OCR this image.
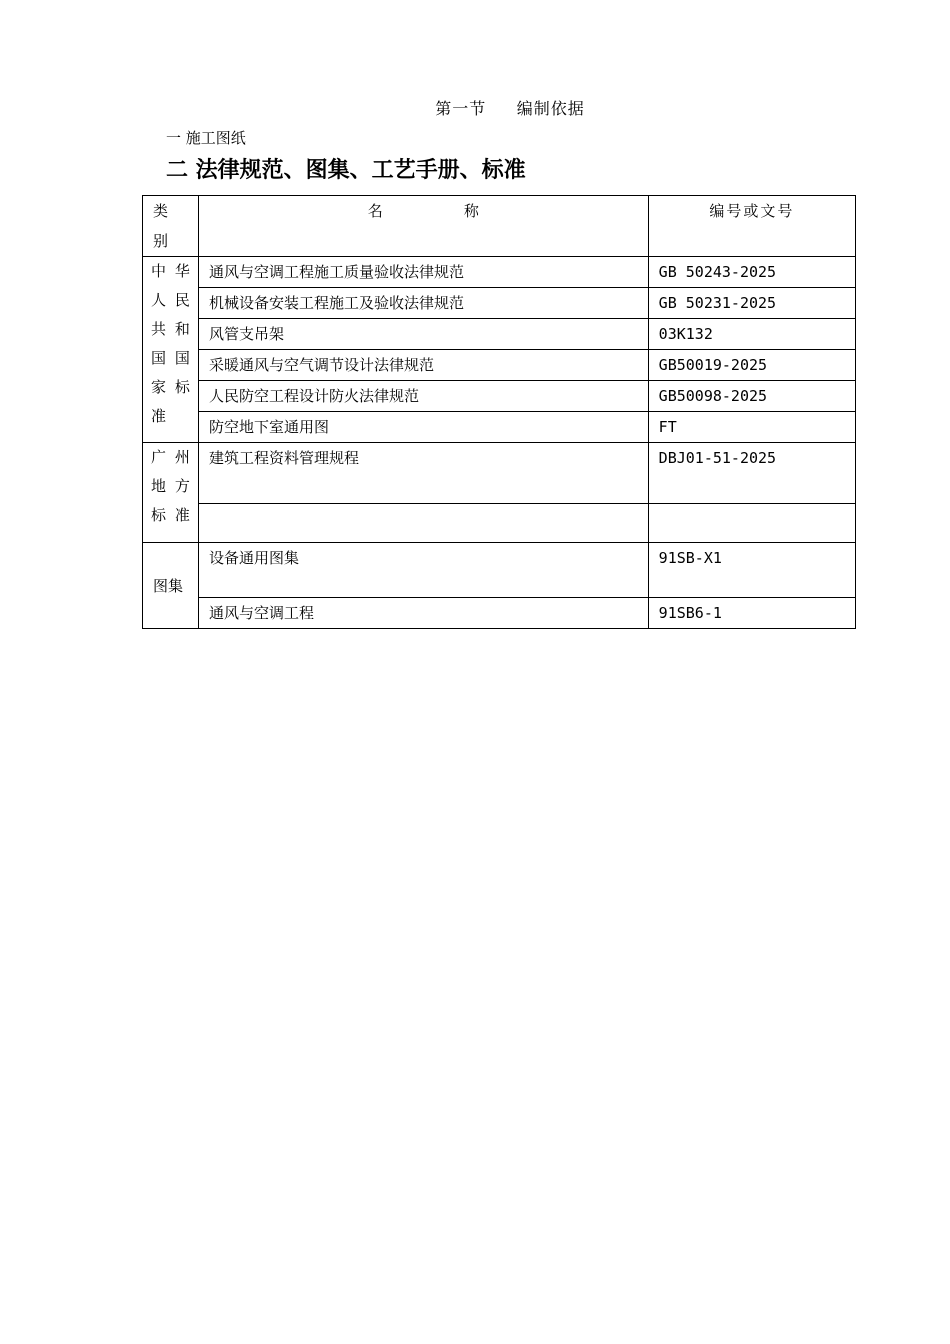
第一节     编制依据
一 施工图纸
二 法律规范、图集、工艺手册、标准
类 别	名                 称	编号或文号
中华人民共和国国家标准	通风与空调工程施工质量验收法律规范	GB 50243-2025
	机械设备安装工程施工及验收法律规范	GB 50231-2025
	风管支吊架	03K132
	采暖通风与空气调节设计法律规范	GB50019-2025
	人民防空工程设计防火法律规范	GB50098-2025
	防空地下室通用图	FT
广州地方标准	建筑工程资料管理规程	DBJ01-51-2025

图集	设备通用图集	91SB-X1
	通风与空调工程	91SB6-1
